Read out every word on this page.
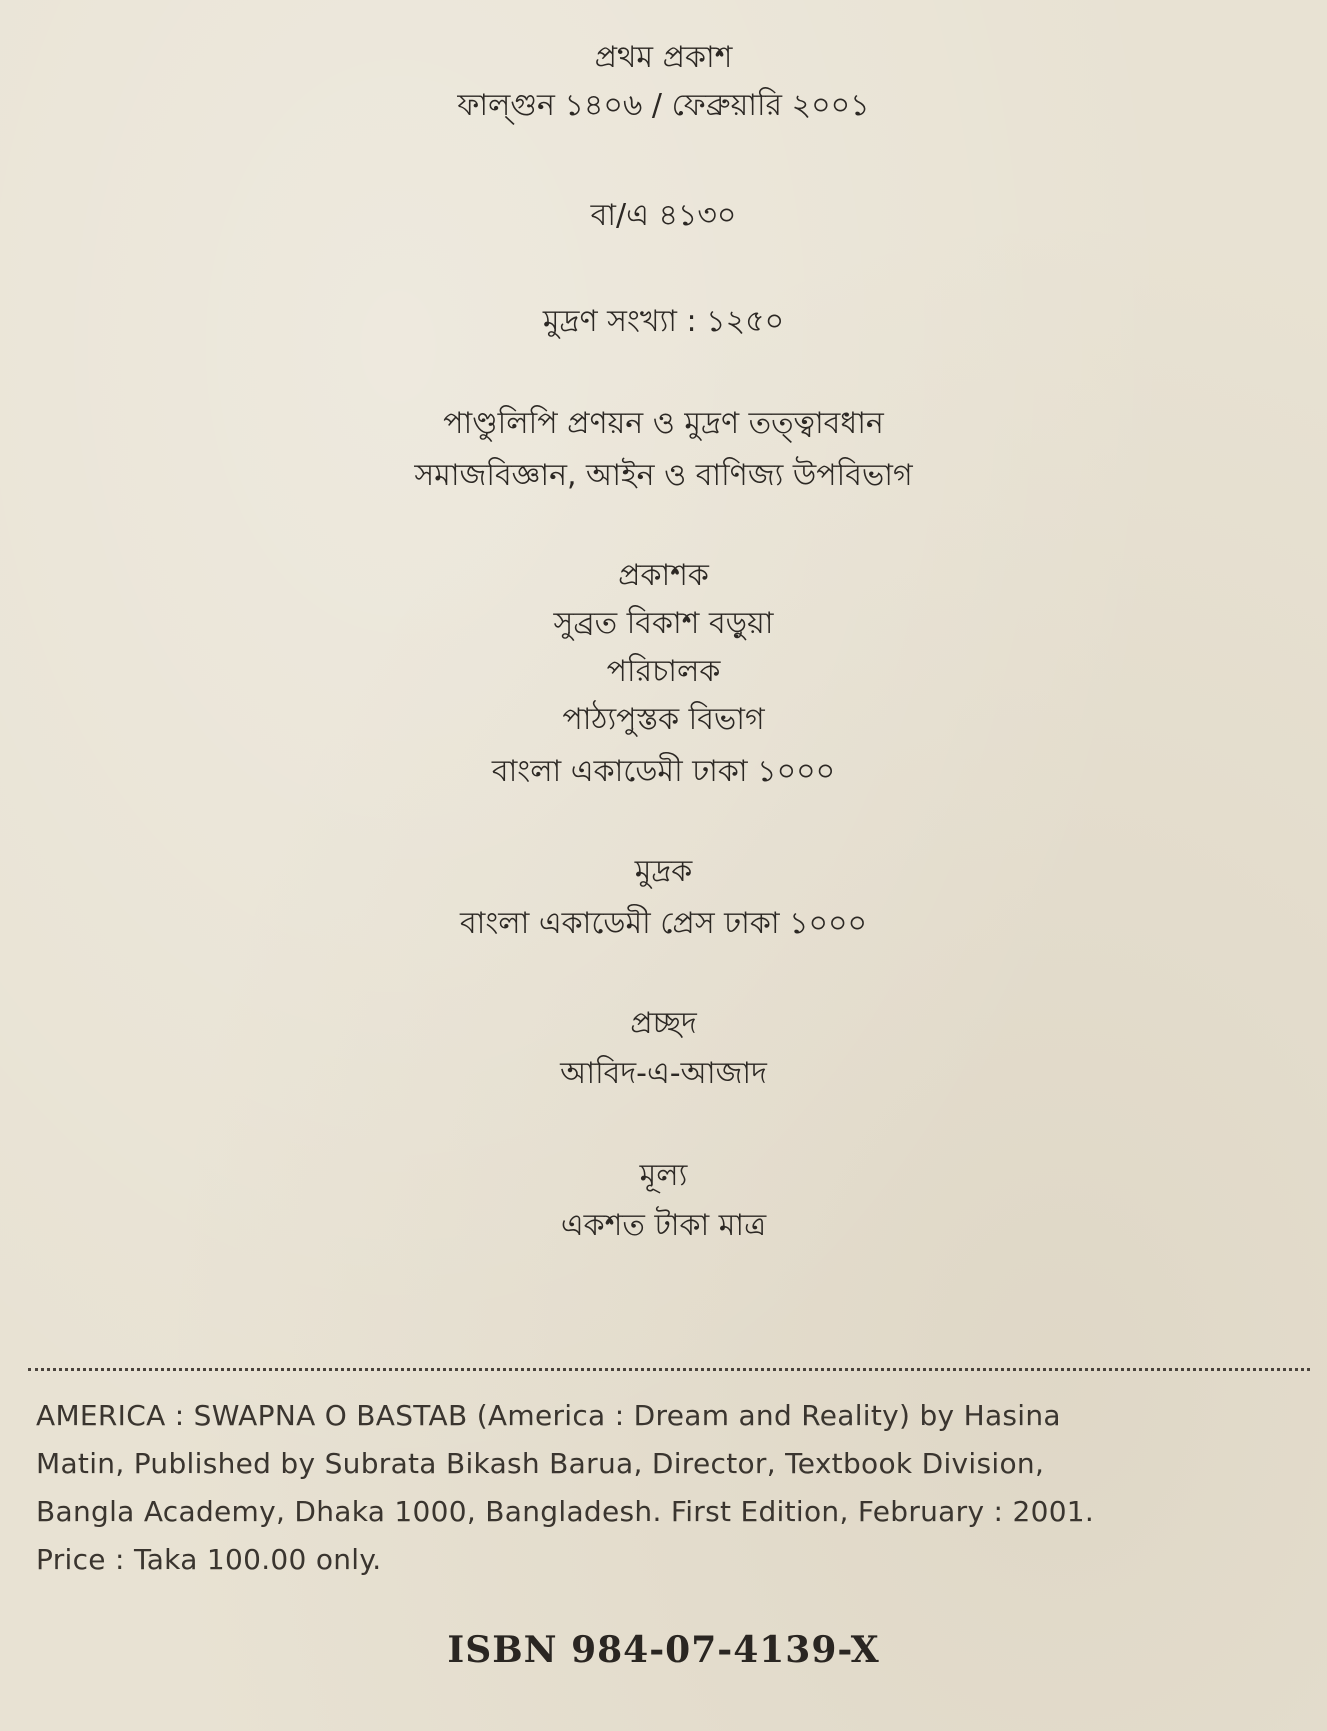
প্রথম প্রকাশ
ফাল্গুন ১৪০৬ / ফেব্রুয়ারি ২০০১
বা/এ ৪১৩০
মুদ্রণ সংখ্যা : ১২৫০
পাণ্ডুলিপি প্রণয়ন ও মুদ্রণ তত্ত্বাবধান
সমাজবিজ্ঞান, আইন ও বাণিজ্য উপবিভাগ
প্রকাশক
সুব্রত বিকাশ বড়ুয়া
পরিচালক
পাঠ্যপুস্তক বিভাগ
বাংলা একাডেমী ঢাকা ১০০০
মুদ্রক
বাংলা একাডেমী প্রেস ঢাকা ১০০০
প্রচ্ছদ
আবিদ-এ-আজাদ
মূল্য
একশত টাকা মাত্র
AMERICA : SWAPNA O BASTAB (America : Dream and Reality) by Hasina
Matin, Published by Subrata Bikash Barua, Director, Textbook Division,
Bangla Academy, Dhaka 1000, Bangladesh. First Edition, February : 2001.
Price : Taka 100.00 only.
ISBN 984-07-4139-X
